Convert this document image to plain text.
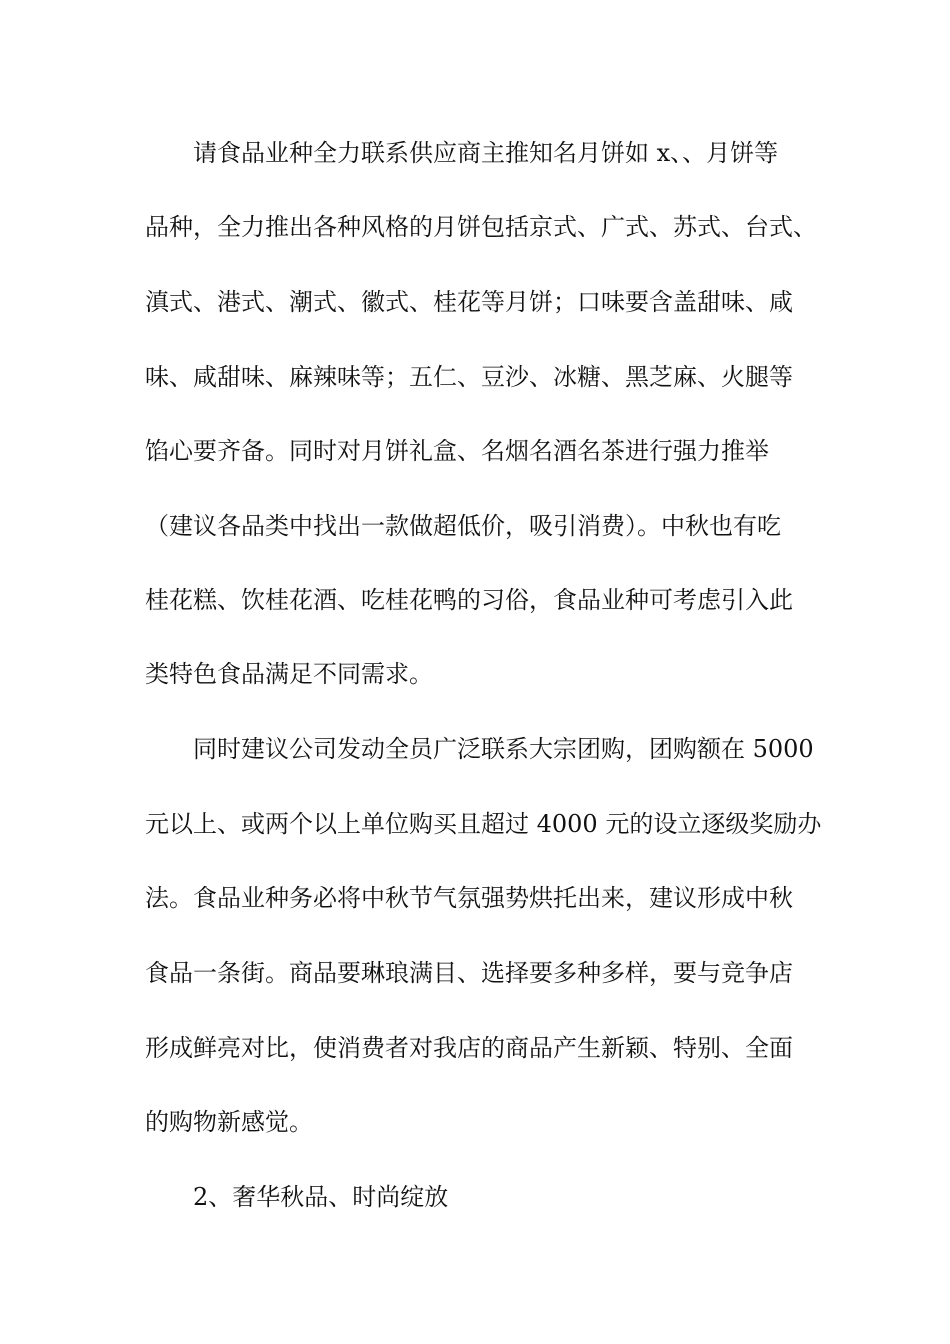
请食品业种全力联系供应商主推知名月饼如 x、、月饼等
品种，全力推出各种风格的月饼包括京式、广式、苏式、台式、
滇式、港式、潮式、徽式、桂花等月饼；口味要含盖甜味、咸
味、咸甜味、麻辣味等；五仁、豆沙、冰糖、黑芝麻、火腿等
馅心要齐备。同时对月饼礼盒、名烟名酒名茶进行强力推举
（建议各品类中找出一款做超低价，吸引消费）。中秋也有吃
桂花糕、饮桂花酒、吃桂花鸭的习俗，食品业种可考虑引入此
类特色食品满足不同需求。
同时建议公司发动全员广泛联系大宗团购，团购额在 5000
元以上、或两个以上单位购买且超过 4000 元的设立逐级奖励办
法。食品业种务必将中秋节气氛强势烘托出来，建议形成中秋
食品一条街。商品要琳琅满目、选择要多种多样，要与竞争店
形成鲜亮对比，使消费者对我店的商品产生新颖、特别、全面
的购物新感觉。
2、奢华秋品、时尚绽放
